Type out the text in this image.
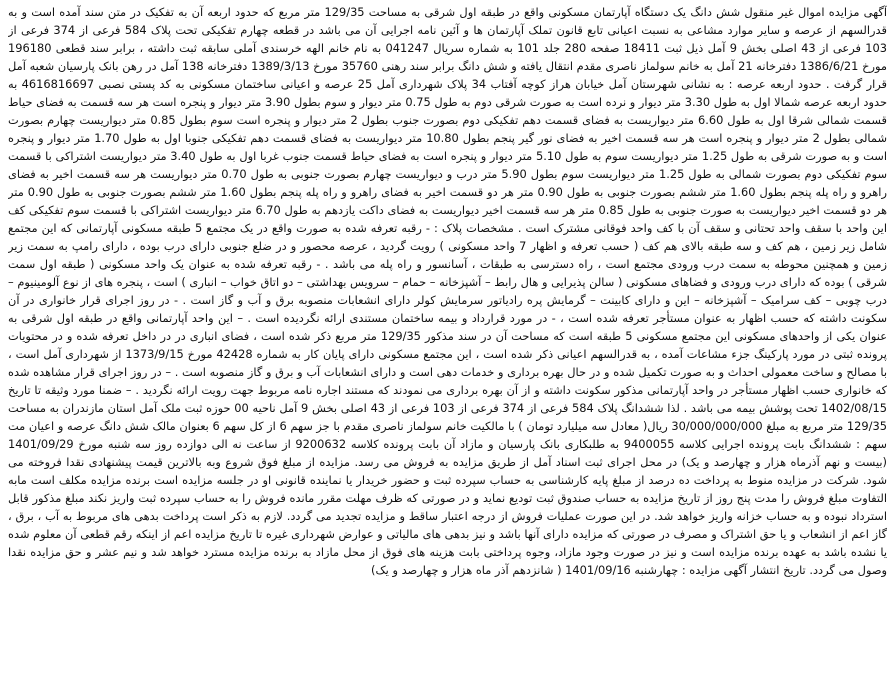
آگهی مزایده اموال غیر منقول شش دانگ یک دستگاه آپارتمان مسکونی واقع در طبقه اول شرقی به مساحت 129/35 متر مربع که حدود اربعه آن به تفکیک در متن سند آمده است و به قدرالسهم از عرصه و سایر موارد مشاعی به نسبت اعیانی تابع قانون تملک آپارتمان ها و آئین نامه اجرایی آن می باشد در قطعه چهارم تفکیکی تحت پلاک 584 فرعی از 374 فرعی از 103 فرعی از 43 اصلی بخش 9 آمل ذیل ثبت 18411 صفحه 280 جلد 101 به شماره سریال 041247 به نام خانم الهه خرسندی آملی سابقه ثبت داشته ، برابر سند قطعی 196180 مورخ 1386/6/21 دفترخانه 21 آمل به خانم سولماز ناصری مقدم انتقال یافته و شش دانگ برابر سند رهنی 35760 مورخ 1389/3/13 دفترخانه 138 آمل در رهن بانک پارسیان شعبه آمل قرار گرفت . حدود اربعه عرصه : به نشانی شهرستان آمل خیابان هراز کوچه آفتاب 34 پلاک شهرداری آمل 25 عرصه و اعیانی ساختمان مسکونی به کد پستی نصبی 4616816697 به حدود اربعه عرصه شمالا اول به طول 3.30 متر دیوار و نرده است به صورت شرقی دوم به طول 0.75 متر دیوار و سوم بطول 3.90 متر دیوار و پنجره است هر سه قسمت به فضای حیاط قسمت شمالی شرقا اول به طول 6.60 متر دیواریست به فضای قسمت دهم تفکیکی دوم بصورت جنوب بطول 2 متر دیوار و پنجره است سوم بطول 0.85 متر دیواریست چهارم بصورت شمالی بطول 2 متر دیوار و پنجره است هر سه قسمت اخیر به فضای نور گیر پنجم بطول 10.80 متر دیواریست به فضای قسمت دهم تفکیکی جنوبا اول به طول 1.70 متر دیوار و پنجره است و به صورت شرقی به طول 1.25 متر دیواریست سوم به طول 5.10 متر دیوار و پنجره است به فضای حیاط قسمت جنوب غربا اول به طول 3.40 متر دیواریست اشتراکی با قسمت سوم تفکیکی دوم بصورت شمالی به طول 1.25 متر دیواریست سوم بطول 5.90 متر درب و دیواریست چهارم بصورت جنوبی به طول 0.70 متر دیواریست هر سه قسمت اخیر به فضای راهرو و راه پله پنجم بطول 1.60 متر ششم بصورت جنوبی به طول 0.90 متر هر دو قسمت اخیر به فضای راهرو و راه پله پنجم بطول 1.60 متر ششم بصورت جنوبی به طول 0.90 متر هر دو قسمت اخیر دیواریست به صورت جنوبی به طول 0.85 متر هر سه قسمت اخیر دیواریست به فضای داکت یازدهم به طول 6.70 متر دیواریست اشتراکی با قسمت سوم تفکیکی کف این واحد با سقف واحد تحتانی و سقف آن با کف واحد فوقانی مشترک است . مشخصات پلاک : - رقبه تعرفه شده به صورت واقع در یک مجتمع 5 طبقه مسکونی آپارتمانی که این مجتمع شامل زیر زمین ، هم کف و سه طبقه بالای هم کف ( حسب تعرفه و اظهار 7 واحد مسکونی ) رویت گردید ، عرصه محصور و در ضلع جنوبی دارای درب بوده ، دارای رامپ به سمت زیر زمین و همچنین محوطه به سمت درب ورودی مجتمع است ، راه دسترسی به طبقات ، آسانسور و راه پله می باشد . - رقبه تعرفه شده به عنوان یک واحد مسکونی ( طبقه اول سمت شرقی ) بوده که دارای درب ورودی و فضاهای مسکونی ( سالن پذیرایی و هال رابط – آشپزخانه – حمام – سرویس بهداشتی – دو اتاق خواب – انباری ) است ، پنجره های از نوع آلومینیوم – درب چوبی – کف سرامیک – آشپزخانه – این و دارای کابینت – گرمایش پره رادیاتور سرمایش کولر دارای انشعابات منصوبه برق و آب و گاز است . - در روز اجرای قرار خانواری در آن سکونت داشته که حسب اظهار به عنوان مستأجر تعرفه شده است ، - در مورد قرارداد و بیمه ساختمان مستندی ارائه نگردیده است . – این واحد آپارتمانی واقع در طبقه اول شرقی به عنوان یکی از واحدهای مسکونی این مجتمع مسکونی 5 طبقه است که مساحت آن در سند مذکور 129/35 متر مربع ذکر شده است ، فضای انباری در در داخل تعرفه شده و در محتویات پرونده ثبتی در مورد پارکینگ جزء مشاعات آمده ، به قدرالسهم اعیانی ذکر شده است ، این مجتمع مسکونی دارای پایان کار به شماره 42428 مورخ 1373/9/15 از شهرداری آمل است ، با مصالح و ساخت معمولی احداث و به صورت تکمیل شده و در حال بهره برداری و خدمات دهی است و دارای انشعابات آب و برق و گاز منصوبه است . – در روز اجرای قرار مشاهده شده که خانواری حسب اظهار مستأجر در واحد آپارتمانی مذکور سکونت داشته و از آن بهره برداری می نمودند که مستند اجاره نامه مربوط جهت رویت ارائه نگردید . – ضمنا مورد وثیقه تا تاریخ 1402/08/15 تحت پوشش بیمه می باشد . لذا ششدانگ پلاک 584 فرعی از 374 فرعی از 103 فرعی از 43 اصلی بخش 9 آمل ناحیه 00 حوزه ثبت ملک آمل استان مازندران به مساحت 129/35 متر مربع به مبلغ 30/000/000/000 ریال( معادل سه میلیارد تومان ) با مالکیت خانم سولماز ناصری مقدم با جز سهم 6 از کل سهم 6 بعنوان مالک شش دانگ عرصه و اعیان مت سهم : ششدانگ بابت پرونده اجرایی کلاسه 9400055 به طلبکاری بانک پارسیان و مازاد آن بابت پرونده کلاسه 9200632 از ساعت نه الی دوازده روز سه شنبه مورخ 1401/09/29 (بیست و نهم آذرماه هزار و چهارصد و یک) در محل اجرای ثبت اسناد آمل از طریق مزایده به فروش می رسد. مزایده از مبلغ فوق شروع وبه بالاترین قیمت پیشنهادی نقدا فروخته می شود. شرکت در مزایده منوط به پرداخت ده درصد از مبلغ پایه کارشناسی به حساب سپرده ثبت و حضور خریدار یا نماینده قانونی او در جلسه مزایده است برنده مزایده مکلف است مابه التفاوت مبلغ فروش را مدت پنج روز از تاریخ مزایده به حساب صندوق ثبت تودیع نماید و در صورتی که ظرف مهلت مقرر مانده فروش را به حساب سپرده ثبت واریز نکند مبلغ مذکور قابل استرداد نبوده و به حساب خزانه واریز خواهد شد. در این صورت عملیات فروش از درجه اعتبار ساقط و مزایده تجدید می گردد. لازم به ذکر است پرداخت بدهی های مربوط به آب ، برق ، گاز اعم از انشعاب و یا حق اشتراک و مصرف در صورتی که مزایده دارای آنها باشد و نیز بدهی های مالیاتی و عوارض شهرداری غیره تا تاریخ مزایده اعم از اینکه رقم قطعی آن معلوم شده یا نشده باشد به عهده برنده مزایده است و نیز در صورت وجود مازاد، وجوه پرداختی بابت هزینه های فوق از محل مازاد به برنده مزایده مسترد خواهد شد و نیم عشر و حق مزایده نقدا وصول می گردد. تاریخ انتشار آگهی مزایده : چهارشنبه 1401/09/16 ( شانزدهم آذر ماه هزار و چهارصد و یک)
